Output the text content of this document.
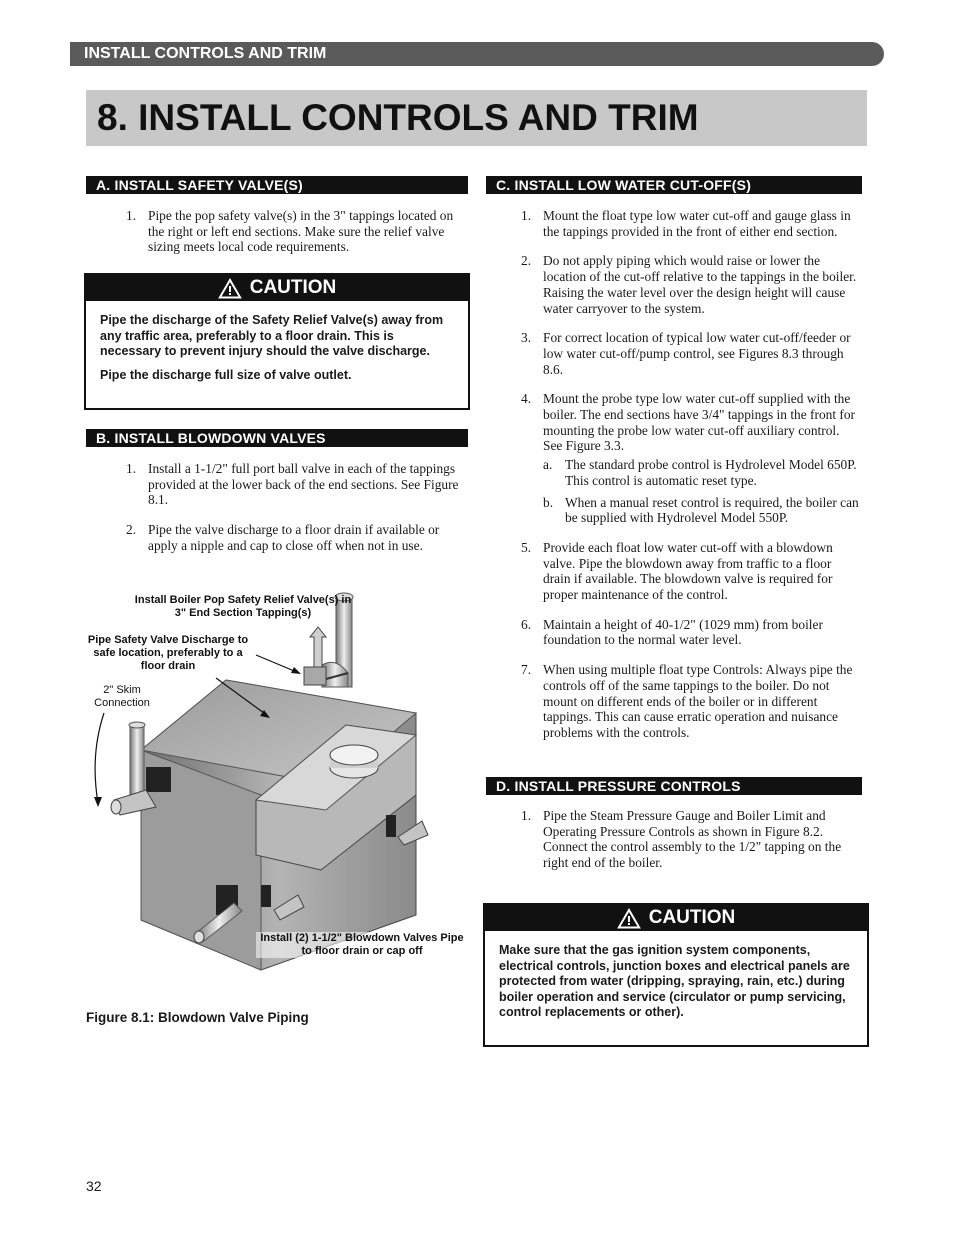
INSTALL CONTROLS AND TRIM
8. INSTALL CONTROLS AND TRIM
A. INSTALL SAFETY VALVE(S)
1. Pipe the pop safety valve(s) in the 3" tappings located on the right or left end sections. Make sure the relief valve sizing meets local code requirements.
CAUTION

Pipe the discharge of the Safety Relief Valve(s) away from any traffic area, preferably to a floor drain. This is necessary to prevent injury should the valve discharge.

Pipe the discharge full size of valve outlet.

B. INSTALL BLOWDOWN VALVES
1. Install a 1-1/2" full port ball valve in each of the tappings provided at the lower back of the end sections. See Figure 8.1.
2. Pipe the valve discharge to a floor drain if available or apply a nipple and cap to close off when not in use.
Install Boiler Pop Safety Relief Valve(s) in 3" End Section Tapping(s)
Pipe Safety Valve Discharge to safe location, preferably to a floor drain
2" Skim Connection
Install (2) 1-1/2" Blowdown Valves Pipe to floor drain or cap off
Figure 8.1: Blowdown Valve Piping
C. INSTALL LOW WATER CUT-OFF(S)
1. Mount the float type low water cut-off and gauge glass in the tappings provided in the front of either end section.
2. Do not apply piping which would raise or lower the location of the cut-off relative to the tappings in the boiler. Raising the water level over the design height will cause water carryover to the system.
3. For correct location of typical low water cut-off/feeder or low water cut-off/pump control, see Figures 8.3 through 8.6.
4. Mount the probe type low water cut-off supplied with the boiler. The end sections have 3/4" tappings in the front for mounting the probe low water cut-off auxiliary control. See Figure 3.3.
a. The standard probe control is Hydrolevel Model 650P. This control is automatic reset type.
b. When a manual reset control is required, the boiler can be supplied with Hydrolevel Model 550P.
5. Provide each float low water cut-off with a blowdown valve. Pipe the blowdown away from traffic to a floor drain if available. The blowdown valve is required for proper maintenance of the control.
6. Maintain a height of 40-1/2" (1029 mm) from boiler foundation to the normal water level.
7. When using multiple float type Controls: Always pipe the controls off of the same tappings to the boiler. Do not mount on different ends of the boiler or in different tappings. This can cause erratic operation and nuisance problems with the controls.
D. INSTALL PRESSURE CONTROLS
1. Pipe the Steam Pressure Gauge and Boiler Limit and Operating Pressure Controls as shown in Figure 8.2. Connect the control assembly to the 1/2" tapping on the right end of the boiler.
CAUTION

Make sure that the gas ignition system components, electrical controls, junction boxes and electrical panels are protected from water (dripping, spraying, rain, etc.) during boiler operation and service (circulator or pump servicing, control replacements or other).

32
